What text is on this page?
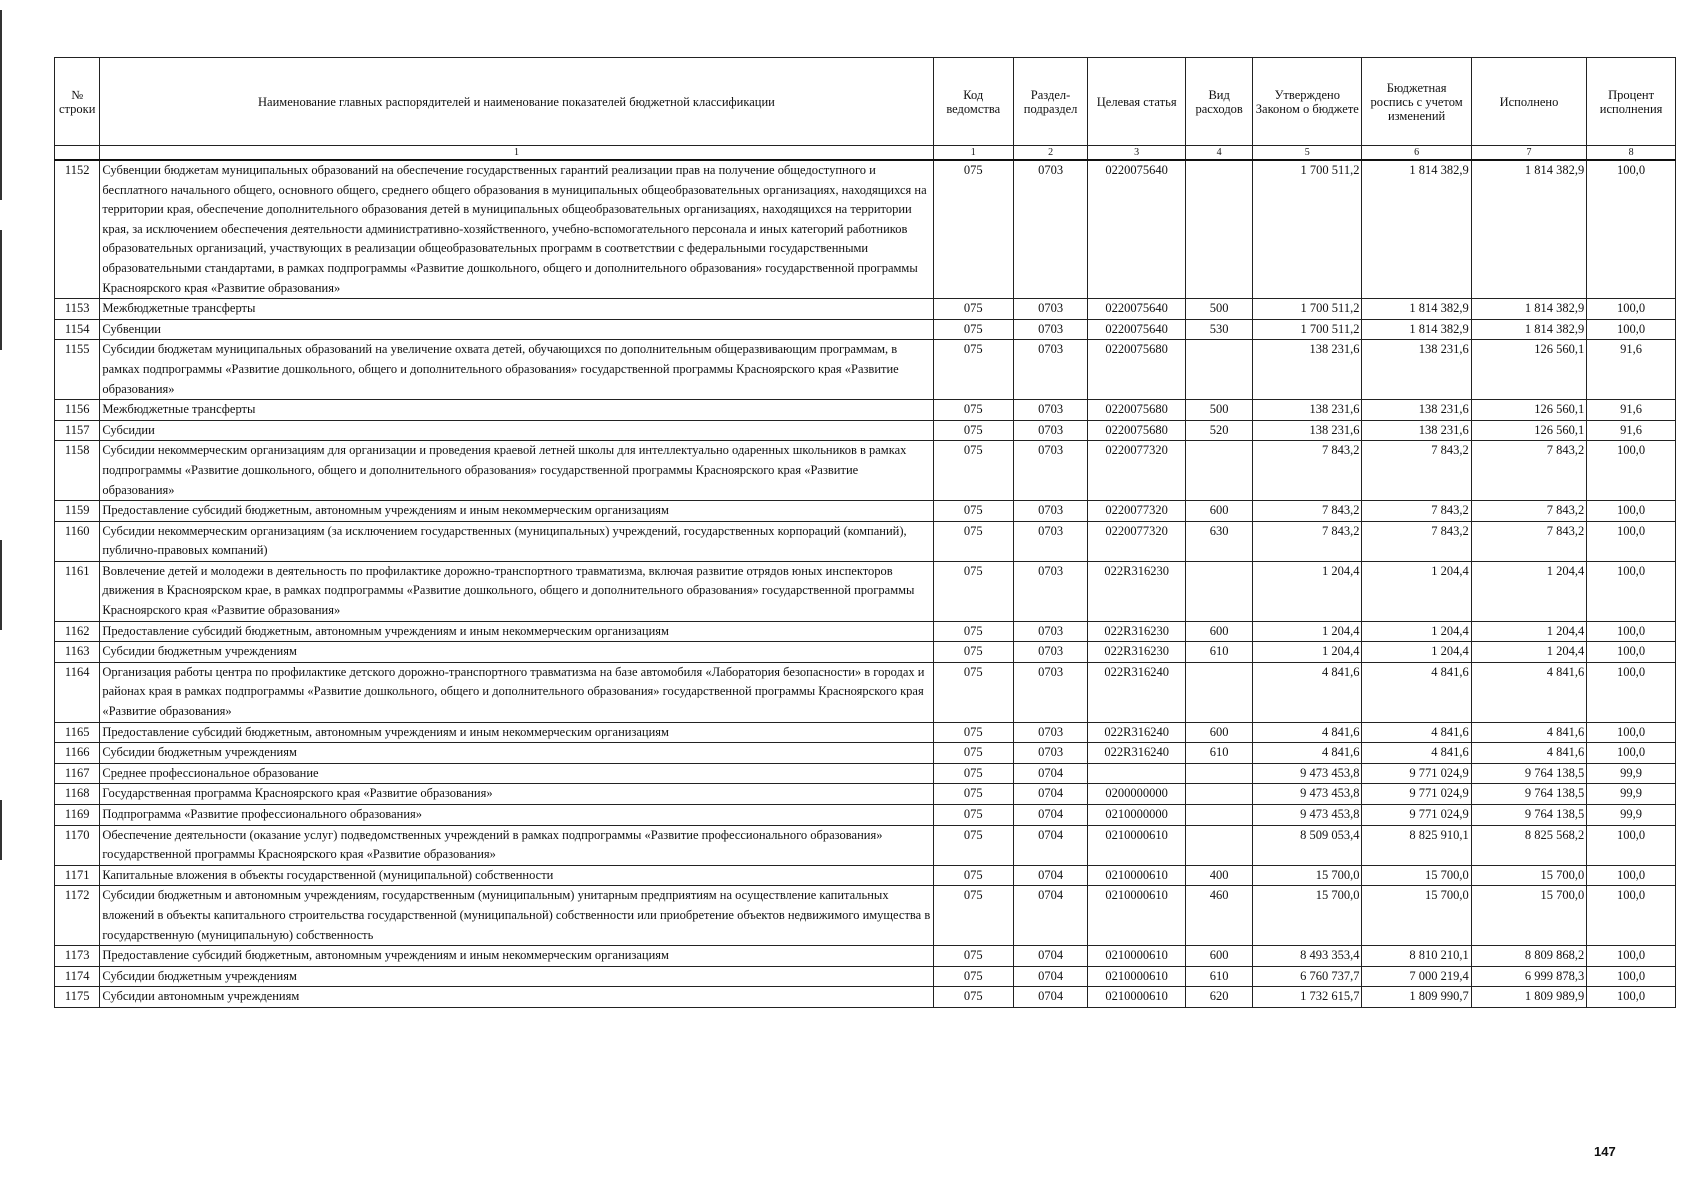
№ строки	Наименование главных распорядителей и наименование показателей бюджетной классификации	Код ведомства	Раздел-подраздел	Целевая статья	Вид расходов	Утверждено Законом о бюджете	Бюджетная роспись с учетом изменений	Исполнено	Процент исполнения
	1	1	2	3	4	5	6	7	8
1152	Субвенции бюджетам муниципальных образований на обеспечение государственных гарантий реализации прав на получение общедоступного и бесплатного начального общего, основного общего, среднего общего образования в муниципальных общеобразовательных организациях, находящихся на территории края, обеспечение дополнительного образования детей в муниципальных общеобразовательных организациях, находящихся на территории края, за исключением обеспечения деятельности административно-хозяйственного, учебно-вспомогательного персонала и иных категорий работников образовательных организаций, участвующих в реализации общеобразовательных программ в соответствии с федеральными государственными образовательными стандартами, в рамках подпрограммы «Развитие дошкольного, общего и дополнительного образования» государственной программы Красноярского края «Развитие образования»	075	0703	0220075640		1 700 511,2	1 814 382,9	1 814 382,9	100,0
1153	Межбюджетные трансферты	075	0703	0220075640	500	1 700 511,2	1 814 382,9	1 814 382,9	100,0
1154	Субвенции	075	0703	0220075640	530	1 700 511,2	1 814 382,9	1 814 382,9	100,0
1155	Субсидии бюджетам муниципальных образований на увеличение охвата детей, обучающихся по дополнительным общеразвивающим программам, в рамках подпрограммы «Развитие дошкольного, общего и дополнительного образования» государственной программы Красноярского края «Развитие образования»	075	0703	0220075680		138 231,6	138 231,6	126 560,1	91,6
1156	Межбюджетные трансферты	075	0703	0220075680	500	138 231,6	138 231,6	126 560,1	91,6
1157	Субсидии	075	0703	0220075680	520	138 231,6	138 231,6	126 560,1	91,6
1158	Субсидии некоммерческим организациям для организации и проведения краевой летней школы для интеллектуально одаренных школьников в рамках подпрограммы «Развитие дошкольного, общего и дополнительного образования» государственной программы Красноярского края «Развитие образования»	075	0703	0220077320		7 843,2	7 843,2	7 843,2	100,0
1159	Предоставление субсидий бюджетным, автономным учреждениям и иным некоммерческим организациям	075	0703	0220077320	600	7 843,2	7 843,2	7 843,2	100,0
1160	Субсидии некоммерческим организациям (за исключением государственных (муниципальных) учреждений, государственных корпораций (компаний), публично-правовых компаний)	075	0703	0220077320	630	7 843,2	7 843,2	7 843,2	100,0
1161	Вовлечение детей и молодежи в деятельность по профилактике дорожно-транспортного травматизма, включая развитие отрядов юных инспекторов движения в Красноярском крае, в рамках подпрограммы «Развитие дошкольного, общего и дополнительного образования» государственной программы Красноярского края «Развитие образования»	075	0703	022R316230		1 204,4	1 204,4	1 204,4	100,0
1162	Предоставление субсидий бюджетным, автономным учреждениям и иным некоммерческим организациям	075	0703	022R316230	600	1 204,4	1 204,4	1 204,4	100,0
1163	Субсидии бюджетным учреждениям	075	0703	022R316230	610	1 204,4	1 204,4	1 204,4	100,0
1164	Организация работы центра по профилактике детского дорожно-транспортного травматизма на базе автомобиля «Лаборатория безопасности» в городах и районах края в рамках подпрограммы «Развитие дошкольного, общего и дополнительного образования» государственной программы Красноярского края «Развитие образования»	075	0703	022R316240		4 841,6	4 841,6	4 841,6	100,0
1165	Предоставление субсидий бюджетным, автономным учреждениям и иным некоммерческим организациям	075	0703	022R316240	600	4 841,6	4 841,6	4 841,6	100,0
1166	Субсидии бюджетным учреждениям	075	0703	022R316240	610	4 841,6	4 841,6	4 841,6	100,0
1167	Среднее профессиональное образование	075	0704			9 473 453,8	9 771 024,9	9 764 138,5	99,9
1168	Государственная программа Красноярского края «Развитие образования»	075	0704	0200000000		9 473 453,8	9 771 024,9	9 764 138,5	99,9
1169	Подпрограмма «Развитие профессионального образования»	075	0704	0210000000		9 473 453,8	9 771 024,9	9 764 138,5	99,9
1170	Обеспечение деятельности (оказание услуг) подведомственных учреждений в рамках подпрограммы «Развитие профессионального образования» государственной программы Красноярского края «Развитие образования»	075	0704	0210000610		8 509 053,4	8 825 910,1	8 825 568,2	100,0
1171	Капитальные вложения в объекты государственной (муниципальной) собственности	075	0704	0210000610	400	15 700,0	15 700,0	15 700,0	100,0
1172	Субсидии бюджетным и автономным учреждениям, государственным (муниципальным) унитарным предприятиям на осуществление капитальных вложений в объекты капитального строительства государственной (муниципальной) собственности или приобретение объектов недвижимого имущества в государственную (муниципальную) собственность	075	0704	0210000610	460	15 700,0	15 700,0	15 700,0	100,0
1173	Предоставление субсидий бюджетным, автономным учреждениям и иным некоммерческим организациям	075	0704	0210000610	600	8 493 353,4	8 810 210,1	8 809 868,2	100,0
1174	Субсидии бюджетным учреждениям	075	0704	0210000610	610	6 760 737,7	7 000 219,4	6 999 878,3	100,0
1175	Субсидии автономным учреждениям	075	0704	0210000610	620	1 732 615,7	1 809 990,7	1 809 989,9	100,0
147
